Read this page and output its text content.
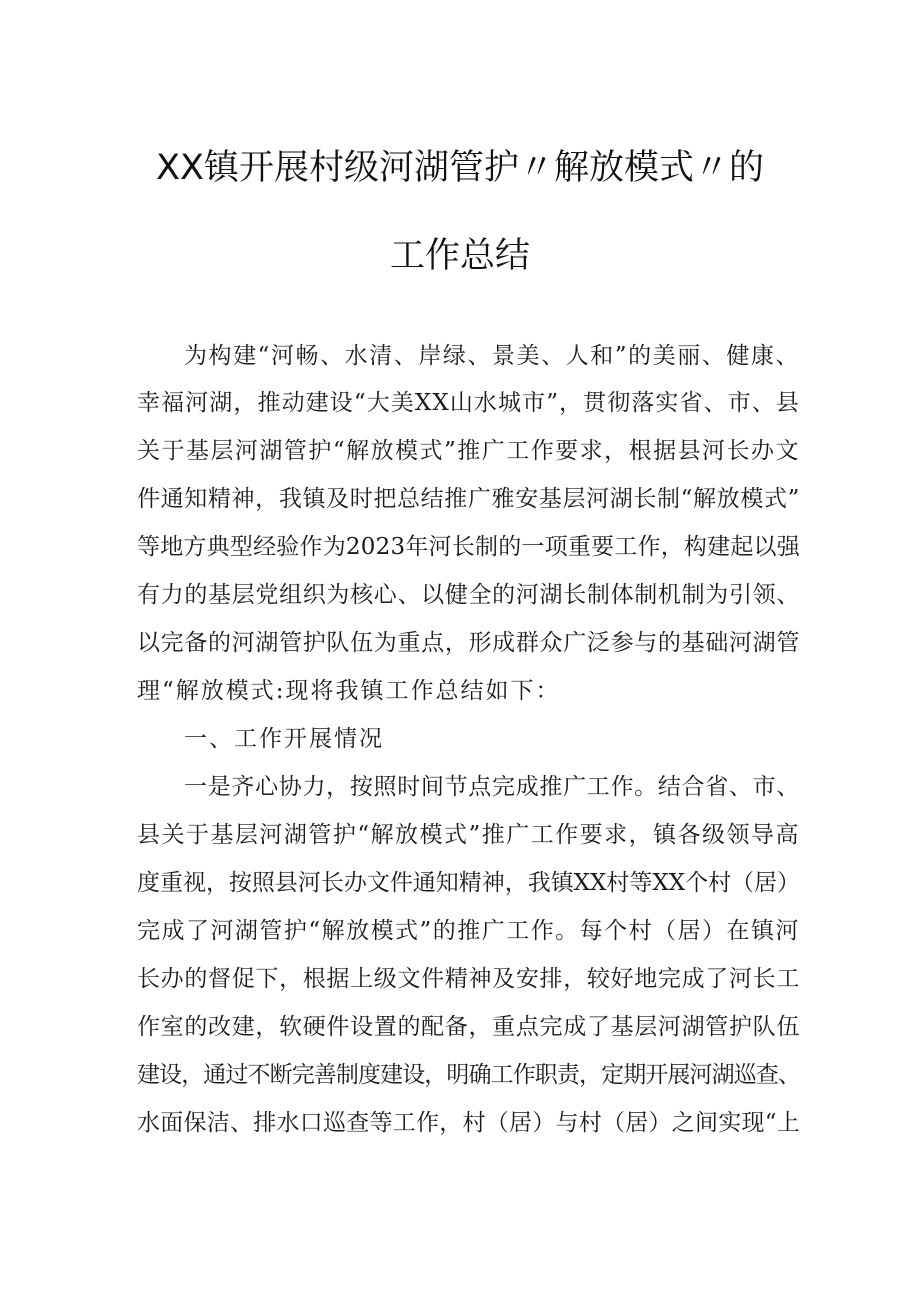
XX镇开展村级河湖管护〃解放模式〃的
工作总结

为构建“河畅、水清、岸绿、景美、人和”的美丽、健康、

幸福河湖，推动建设“大美XX山水城市”，贯彻落实省、市、县

关于基层河湖管护“解放模式”推广工作要求，根据县河长办文

件通知精神，我镇及时把总结推广雅安基层河湖长制“解放模式”

等地方典型经验作为2023年河长制的一项重要工作，构建起以强

有力的基层党组织为核心、以健全的河湖长制体制机制为引领、

以完备的河湖管护队伍为重点，形成群众广泛参与的基础河湖管

理“解放模式:现将我镇工作总结如下：

一、工作开展情况

一是齐心协力，按照时间节点完成推广工作。结合省、市、

县关于基层河湖管护“解放模式”推广工作要求，镇各级领导高

度重视，按照县河长办文件通知精神，我镇XX村等XX个村（居）

完成了河湖管护“解放模式”的推广工作。每个村（居）在镇河

长办的督促下，根据上级文件精神及安排，较好地完成了河长工

作室的改建，软硬件设置的配备，重点完成了基层河湖管护队伍

建设，通过不断完善制度建设，明确工作职责，定期开展河湖巡查、

水面保洁、排水口巡查等工作，村（居）与村（居）之间实现“上
